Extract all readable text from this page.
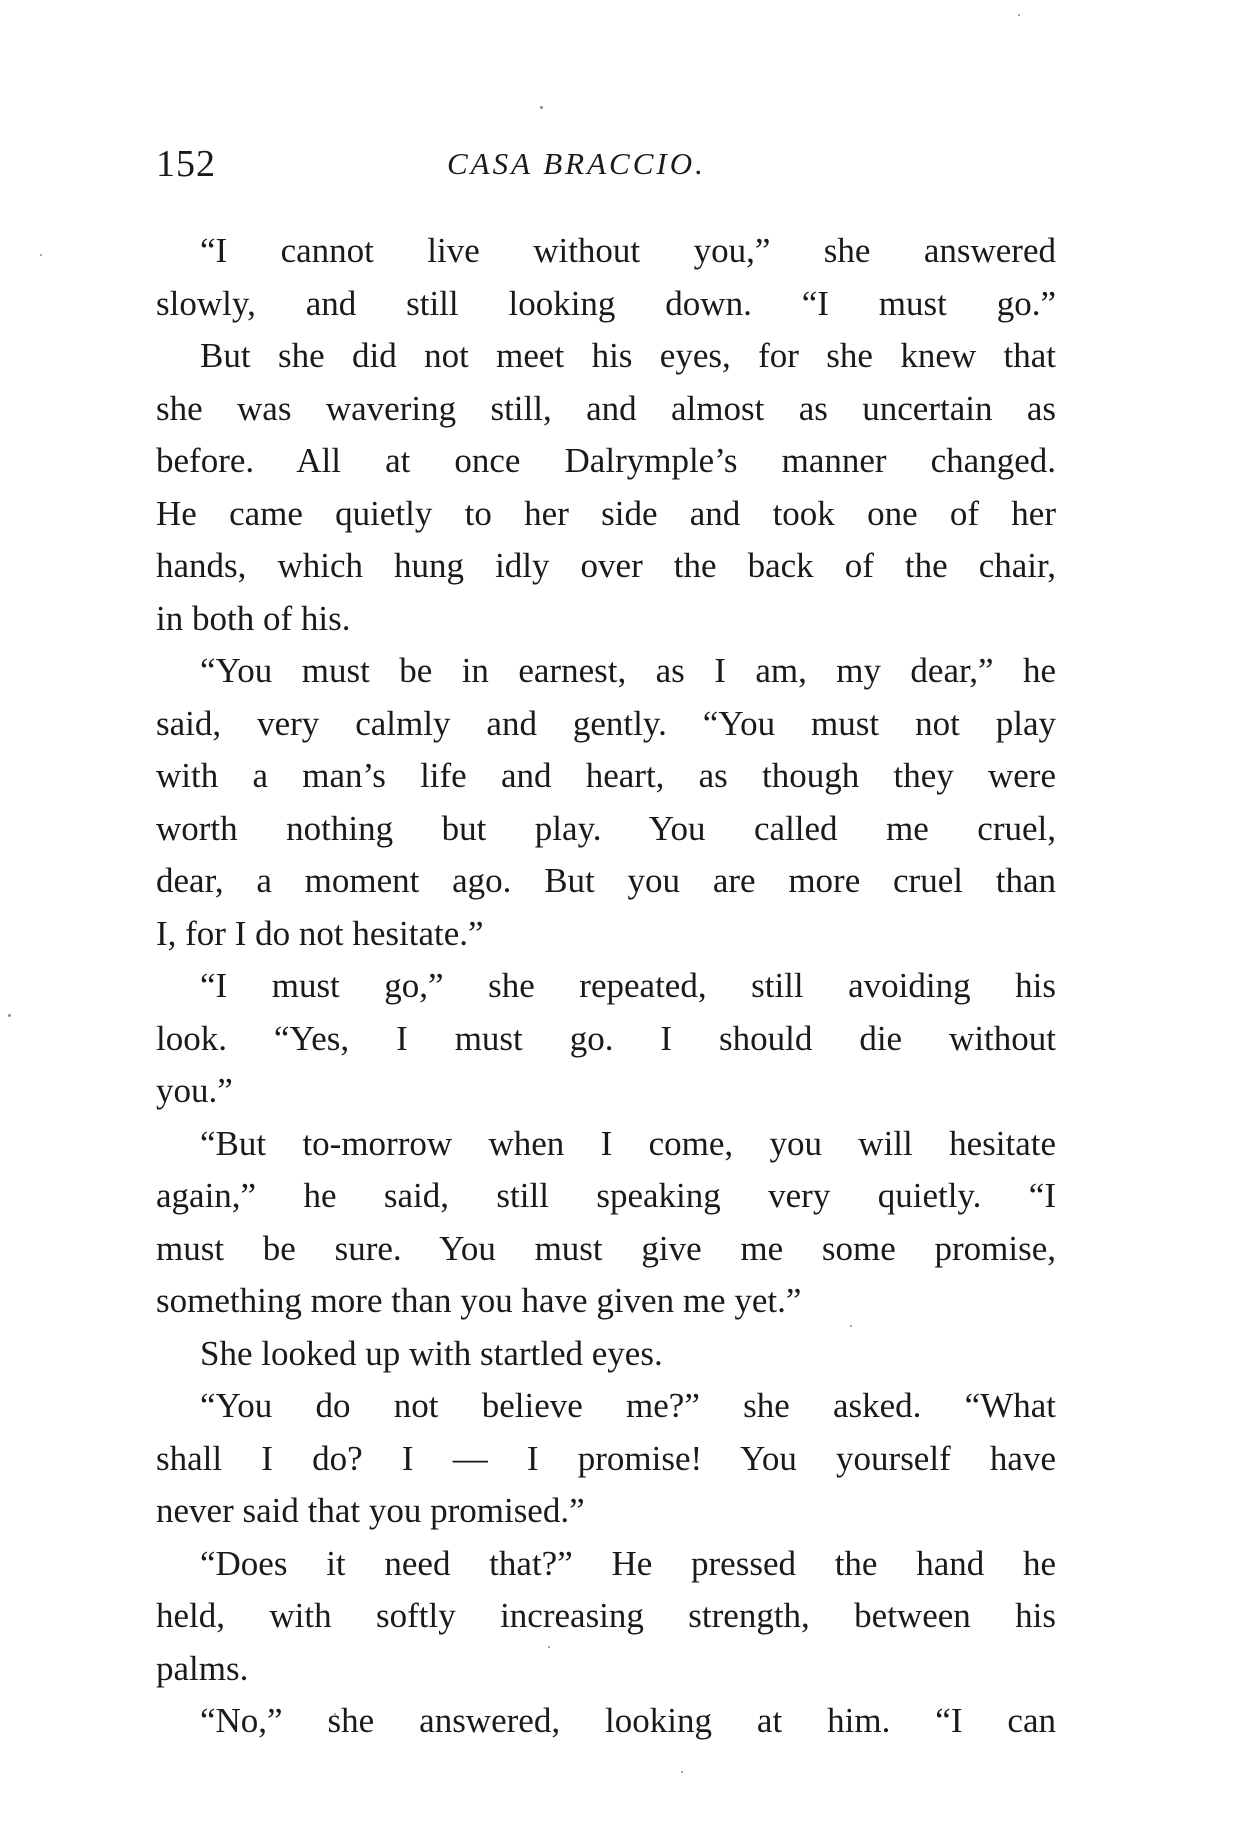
152	CASA BRACCIO.
“I cannot live without you,” she answered
slowly, and still looking down. “I must go.”
But she did not meet his eyes, for she knew that
she was wavering still, and almost as uncertain as
before. All at once Dalrymple’s manner changed.
He came quietly to her side and took one of her
hands, which hung idly over the back of the chair,
in both of his.
“You must be in earnest, as I am, my dear,” he
said, very calmly and gently. “You must not play
with a man’s life and heart, as though they were
worth nothing but play. You called me cruel,
dear, a moment ago. But you are more cruel than
I, for I do not hesitate.”
“I must go,” she repeated, still avoiding his
look. “Yes, I must go. I should die without
you.”
“But to-morrow when I come, you will hesitate
again,” he said, still speaking very quietly. “I
must be sure. You must give me some promise,
something more than you have given me yet.”
She looked up with startled eyes.
“You do not believe me?” she asked. “What
shall I do? I — I promise! You yourself have
never said that you promised.”
“Does it need that?” He pressed the hand he
held, with softly increasing strength, between his
palms.
“No,” she answered, looking at him. “I can
